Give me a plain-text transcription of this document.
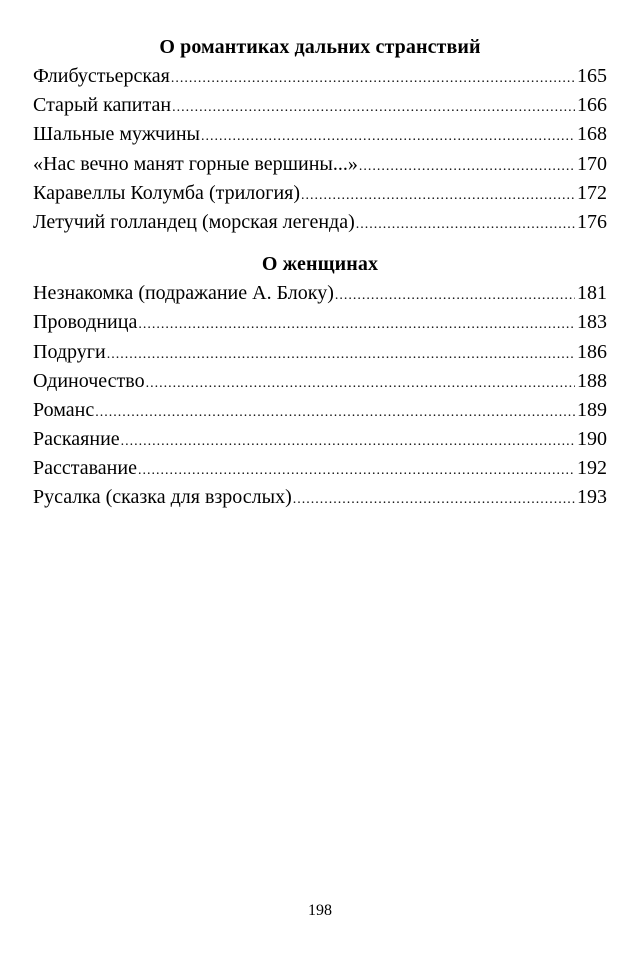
О романтиках дальних странствий
Флибустьерская .....	165
Старый капитан .....	166
Шальные мужчины .....	168
«Нас вечно манят горные вершины...» .....	170
Каравеллы Колумба (трилогия) .....	172
Летучий голландец (морская легенда) .....	176
О женщинах
Незнакомка (подражание А. Блоку) .....	181
Проводница .....	183
Подруги .....	186
Одиночество .....	188
Романс .....	189
Раскаяние .....	190
Расставание .....	192
Русалка (сказка для взрослых) .....	193
198
